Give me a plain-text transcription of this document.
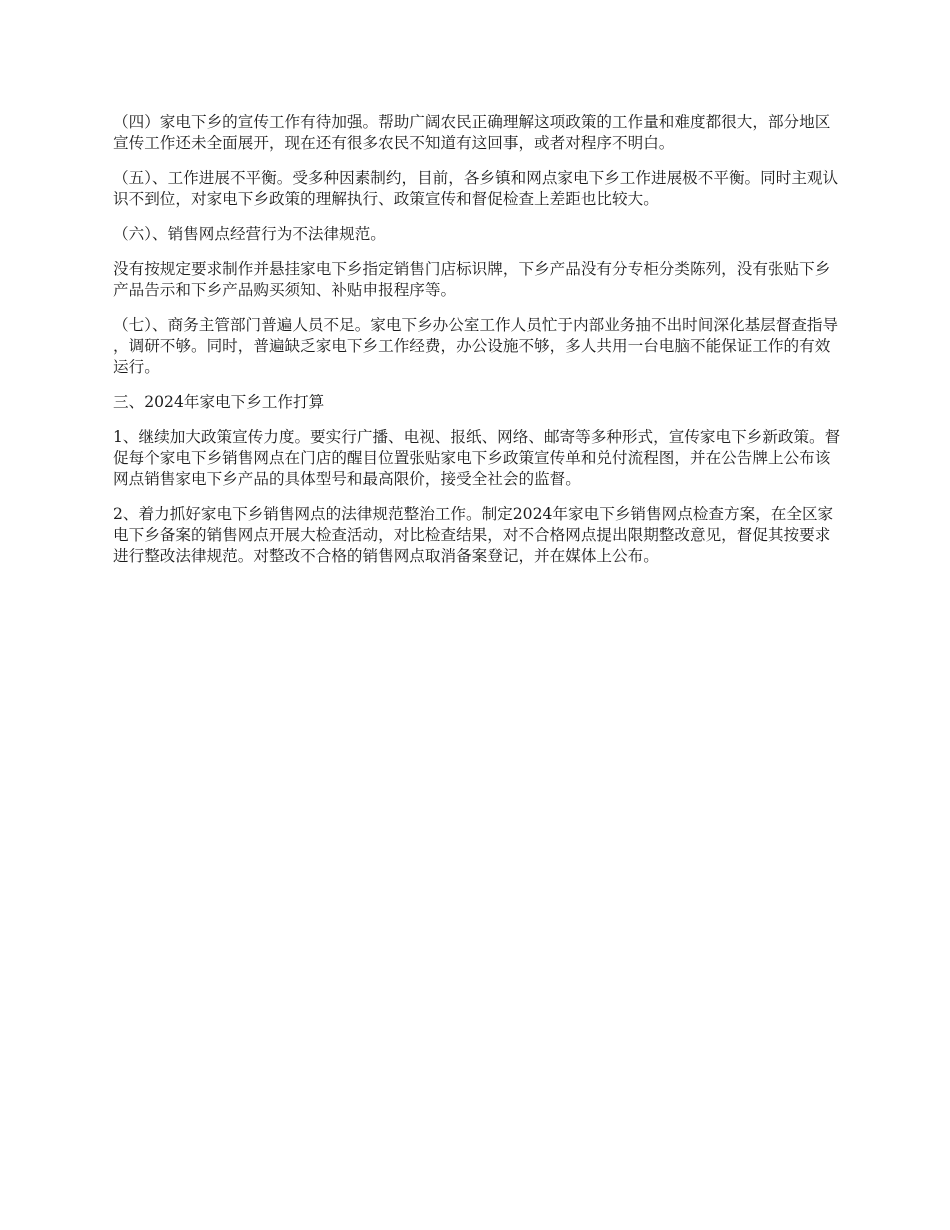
（四）家电下乡的宣传工作有待加强。帮助广阔农民正确理解这项政策的工作量和难度都很大，部分地区宣传工作还未全面展开，现在还有很多农民不知道有这回事，或者对程序不明白。

（五）、工作进展不平衡。受多种因素制约，目前，各乡镇和网点家电下乡工作进展极不平衡。同时主观认识不到位，对家电下乡政策的理解执行、政策宣传和督促检查上差距也比较大。

（六）、销售网点经营行为不法律规范。

没有按规定要求制作并悬挂家电下乡指定销售门店标识牌，下乡产品没有分专柜分类陈列，没有张贴下乡产品告示和下乡产品购买须知、补贴申报程序等。

（七）、商务主管部门普遍人员不足。家电下乡办公室工作人员忙于内部业务抽不出时间深化基层督查指导，调研不够。同时，普遍缺乏家电下乡工作经费，办公设施不够，多人共用一台电脑不能保证工作的有效运行。

三、2024年家电下乡工作打算

1、继续加大政策宣传力度。要实行广播、电视、报纸、网络、邮寄等多种形式，宣传家电下乡新政策。督促每个家电下乡销售网点在门店的醒目位置张贴家电下乡政策宣传单和兑付流程图，并在公告牌上公布该网点销售家电下乡产品的具体型号和最高限价，接受全社会的监督。

2、着力抓好家电下乡销售网点的法律规范整治工作。制定2024年家电下乡销售网点检查方案，在全区家电下乡备案的销售网点开展大检查活动，对比检查结果，对不合格网点提出限期整改意见，督促其按要求进行整改法律规范。对整改不合格的销售网点取消备案登记，并在媒体上公布。
